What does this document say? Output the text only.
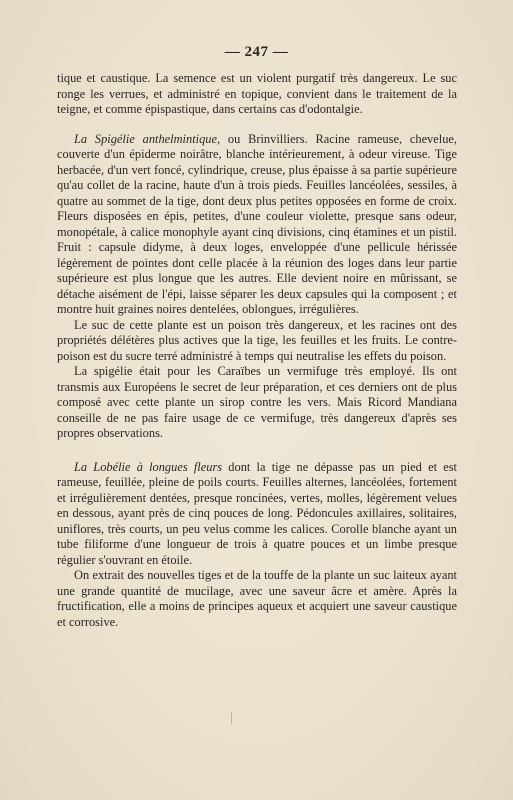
— 247 —

tique et caustique. La semence est un violent purgatif très dangereux. Le suc ronge les verrues, et administré en topique, convient dans le traitement de la teigne, et comme épispastique, dans certains cas d'odontalgie.

La Spigélie anthelmintique, ou Brinvilliers. Racine rameuse, chevelue, couverte d'un épiderme noirâtre, blanche intérieurement, à odeur vireuse. Tige herbacée, d'un vert foncé, cylindrique, creuse, plus épaisse à sa partie supérieure qu'au collet de la racine, haute d'un à trois pieds. Feuilles lancéolées, sessiles, à quatre au sommet de la tige, dont deux plus petites opposées en forme de croix. Fleurs disposées en épis, petites, d'une couleur violette, presque sans odeur, monopétale, à calice monophyle ayant cinq divisions, cinq étamines et un pistil. Fruit : capsule didyme, à deux loges, enveloppée d'une pellicule hérissée légèrement de pointes dont celle placée à la réunion des loges dans leur partie supérieure est plus longue que les autres. Elle devient noire en mûrissant, se détache aisément de l'épi, laisse séparer les deux capsules qui la composent ; et montre huit graines noires dentelées, oblongues, irrégulières.

Le suc de cette plante est un poison très dangereux, et les racines ont des propriétés délétères plus actives que la tige, les feuilles et les fruits. Le contre-poison est du sucre terré administré à temps qui neutralise les effets du poison.

La spigélie était pour les Caraïbes un vermifuge très employé. Ils ont transmis aux Européens le secret de leur préparation, et ces derniers ont de plus composé avec cette plante un sirop contre les vers. Mais Ricord Mandiana conseille de ne pas faire usage de ce vermifuge, très dangereux d'après ses propres observations.

La Lobélie à longues fleurs dont la tige ne dépasse pas un pied et est rameuse, feuillée, pleine de poils courts. Feuilles alternes, lancéolées, fortement et irrégulièrement dentées, presque roncinées, vertes, molles, légèrement velues en dessous, ayant près de cinq pouces de long. Pédoncules axillaires, solitaires, uniflores, très courts, un peu velus comme les calices. Corolle blanche ayant un tube filiforme d'une longueur de trois à quatre pouces et un limbe presque régulier s'ouvrant en étoile.

On extrait des nouvelles tiges et de la touffe de la plante un suc laiteux ayant une grande quantité de mucilage, avec une saveur âcre et amère. Après la fructification, elle a moins de principes aqueux et acquiert une saveur caustique et corrosive.
